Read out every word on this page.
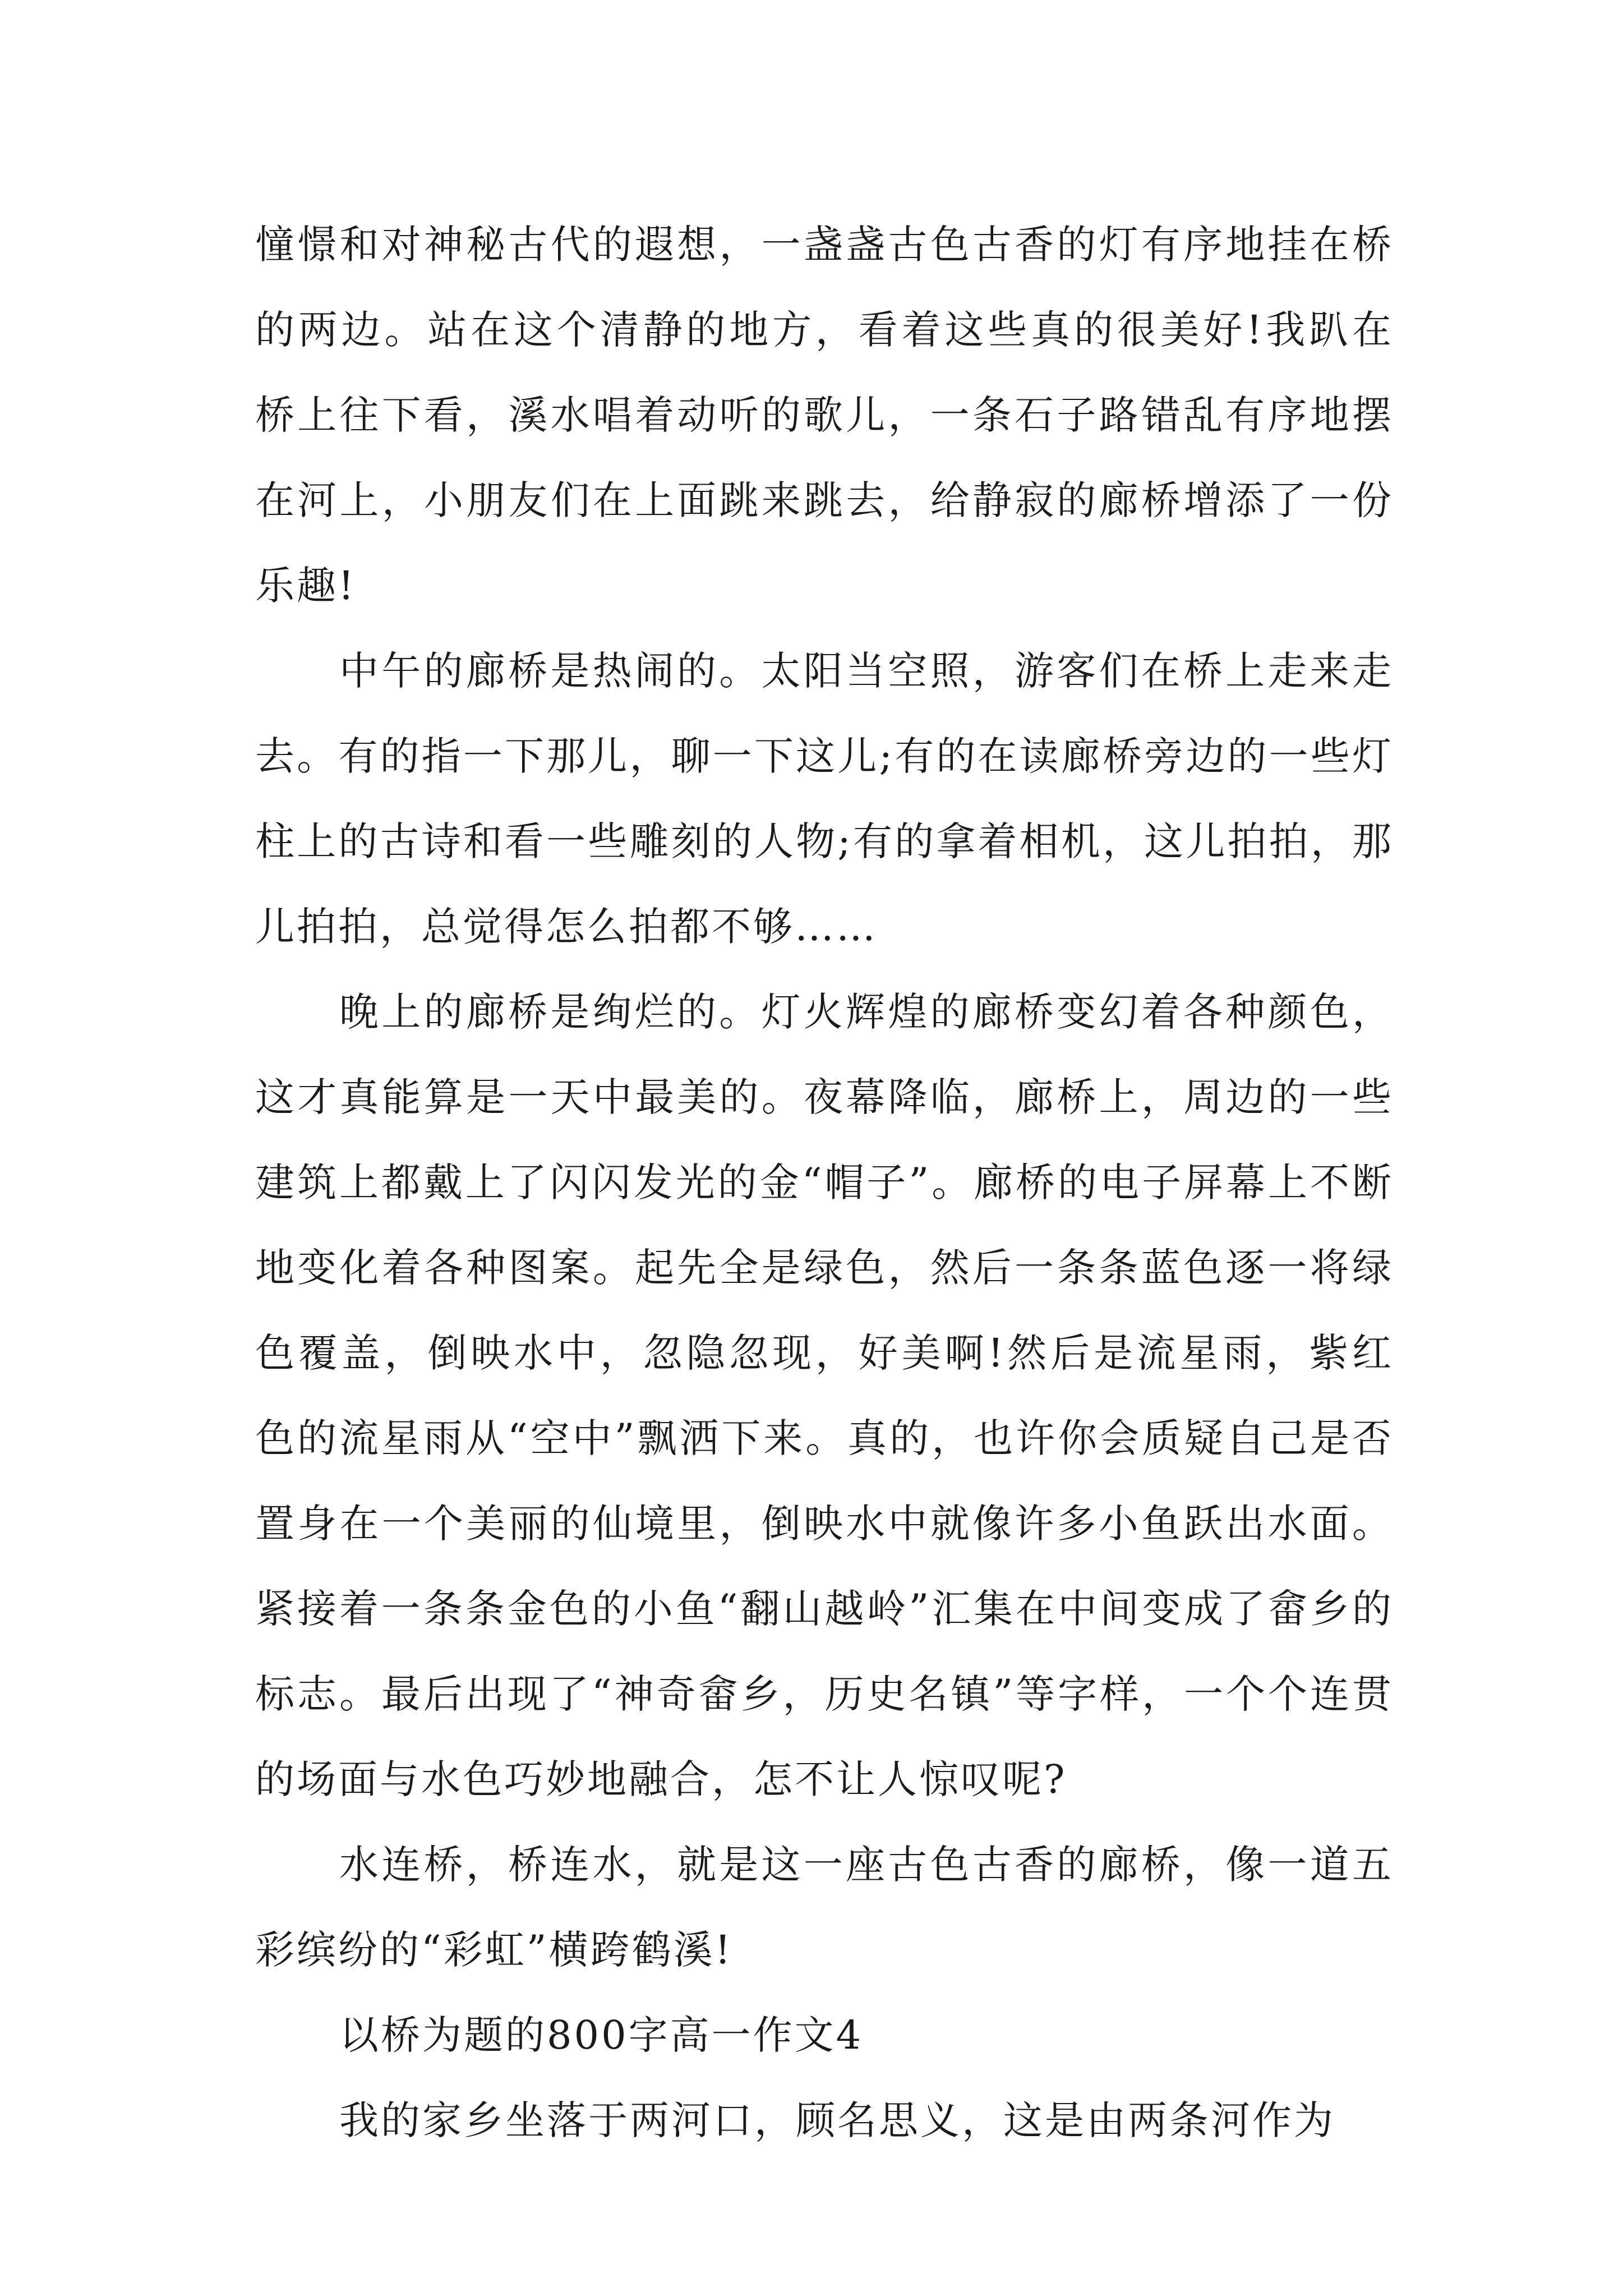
憧憬和对神秘古代的遐想，一盏盏古色古香的灯有序地挂在桥的两边。站在这个清静的地方，看着这些真的很美好!我趴在桥上往下看，溪水唱着动听的歌儿，一条石子路错乱有序地摆在河上，小朋友们在上面跳来跳去，给静寂的廊桥增添了一份乐趣!

中午的廊桥是热闹的。太阳当空照，游客们在桥上走来走去。有的指一下那儿，聊一下这儿;有的在读廊桥旁边的一些灯柱上的古诗和看一些雕刻的人物;有的拿着相机，这儿拍拍，那儿拍拍，总觉得怎么拍都不够……

晚上的廊桥是绚烂的。灯火辉煌的廊桥变幻着各种颜色，这才真能算是一天中最美的。夜幕降临，廊桥上，周边的一些建筑上都戴上了闪闪发光的金“帽子”。廊桥的电子屏幕上不断地变化着各种图案。起先全是绿色，然后一条条蓝色逐一将绿色覆盖，倒映水中，忽隐忽现，好美啊!然后是流星雨，紫红色的流星雨从“空中”飘洒下来。真的，也许你会质疑自己是否置身在一个美丽的仙境里，倒映水中就像许多小鱼跃出水面。紧接着一条条金色的小鱼“翻山越岭”汇集在中间变成了畲乡的标志。最后出现了“神奇畲乡，历史名镇”等字样，一个个连贯的场面与水色巧妙地融合，怎不让人惊叹呢?

水连桥，桥连水，就是这一座古色古香的廊桥，像一道五彩缤纷的“彩虹”横跨鹤溪!

以桥为题的800字高一作文4

我的家乡坐落于两河口，顾名思义，这是由两条河作为
